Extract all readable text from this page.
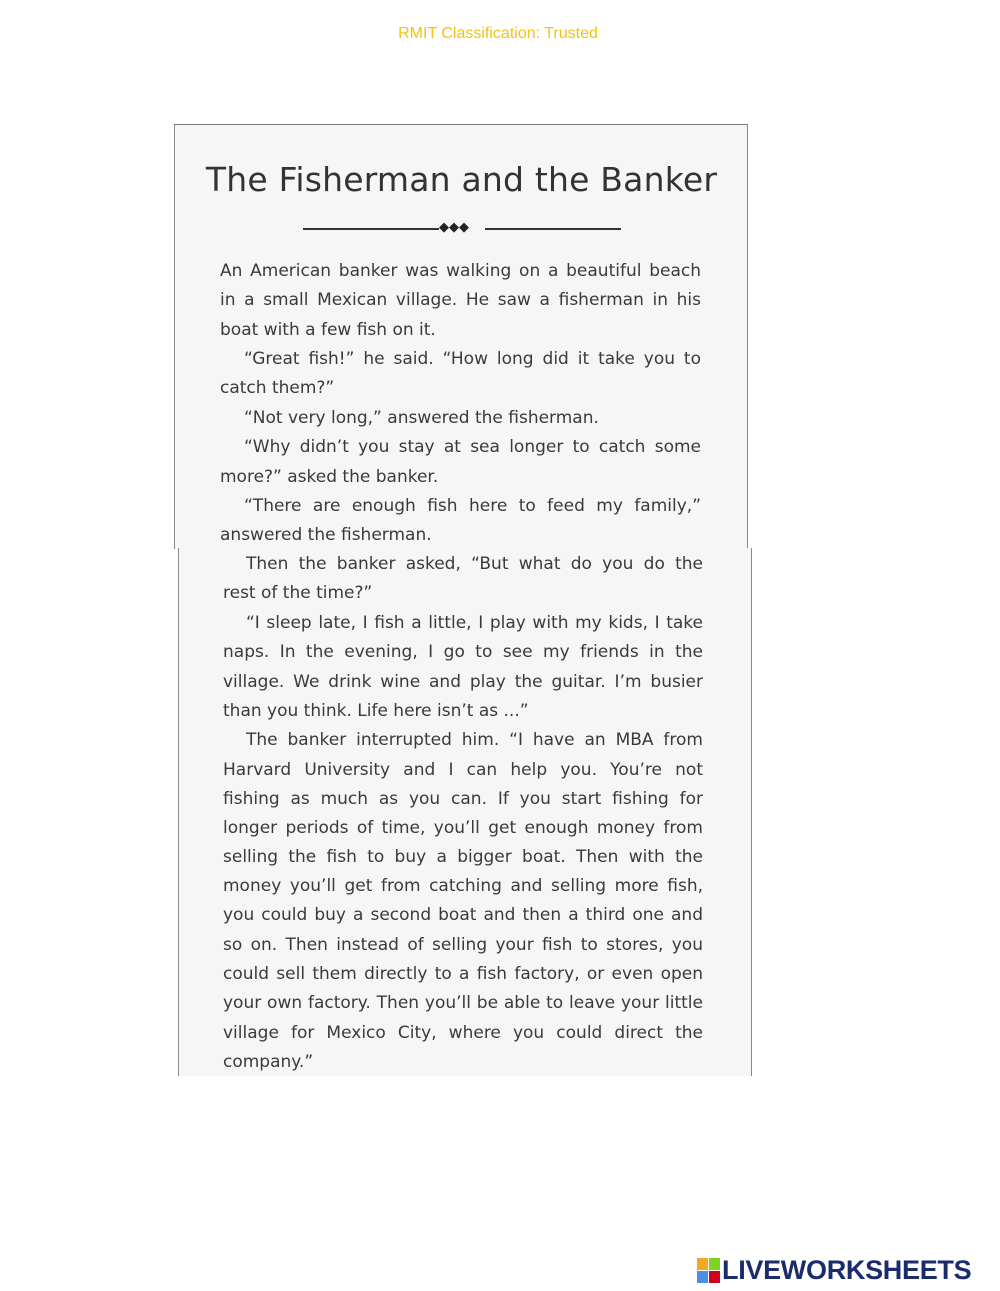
RMIT Classification: Trusted
The Fisherman and the Banker
◆◆◆
An American banker was walking on a beautiful beach
in a small Mexican village. He saw a fisherman in his
boat with a few fish on it.
“Great fish!” he said. “How long did it take you to
catch them?”
“Not very long,” answered the fisherman.
“Why didn’t you stay at sea longer to catch some
more?” asked the banker.
“There are enough fish here to feed my family,”
answered the fisherman.
Then the banker asked, “But what do you do the
rest of the time?”
“I sleep late, I fish a little, I play with my kids, I take
naps. In the evening, I go to see my friends in the
village. We drink wine and play the guitar. I’m busier
than you think. Life here isn’t as ...”
The banker interrupted him. “I have an MBA from
Harvard University and I can help you. You’re not
fishing as much as you can. If you start fishing for
longer periods of time, you’ll get enough money from
selling the fish to buy a bigger boat. Then with the
money you’ll get from catching and selling more fish,
you could buy a second boat and then a third one and
so on. Then instead of selling your fish to stores, you
could sell them directly to a fish factory, or even open
your own factory. Then you’ll be able to leave your little
village for Mexico City, where you could direct the
company.”
LIVEWORKSHEETS
